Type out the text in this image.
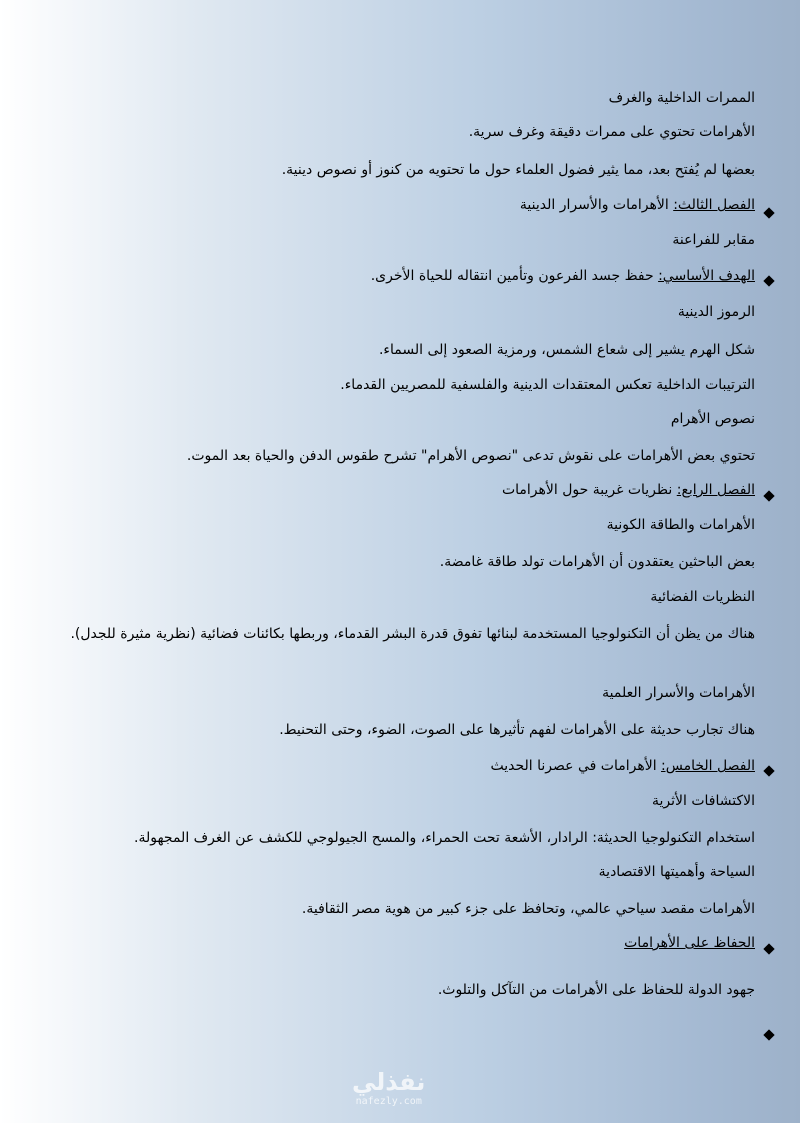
الممرات الداخلية والغرف
الأهرامات تحتوي على ممرات دقيقة وغرف سرية.
بعضها لم يُفتح بعد، مما يثير فضول العلماء حول ما تحتويه من كنوز أو نصوص دينية.
الفصل الثالث: الأهرامات والأسرار الدينية
مقابر للفراعنة
الهدف الأساسي: حفظ جسد الفرعون وتأمين انتقاله للحياة الأخرى.
الرموز الدينية
شكل الهرم يشير إلى شعاع الشمس، ورمزية الصعود إلى السماء.
الترتيبات الداخلية تعكس المعتقدات الدينية والفلسفية للمصريين القدماء.
نصوص الأهرام
تحتوي بعض الأهرامات على نقوش تدعى "نصوص الأهرام" تشرح طقوس الدفن والحياة بعد الموت.
الفصل الرابع: نظريات غريبة حول الأهرامات
الأهرامات والطاقة الكونية
بعض الباحثين يعتقدون أن الأهرامات تولد طاقة غامضة.
النظريات الفضائية
هناك من يظن أن التكنولوجيا المستخدمة لبنائها تفوق قدرة البشر القدماء، وربطها بكائنات فضائية (نظرية مثيرة للجدل).
الأهرامات والأسرار العلمية
هناك تجارب حديثة على الأهرامات لفهم تأثيرها على الصوت، الضوء، وحتى التحنيط.
الفصل الخامس: الأهرامات في عصرنا الحديث
الاكتشافات الأثرية
استخدام التكنولوجيا الحديثة: الرادار، الأشعة تحت الحمراء، والمسح الجيولوجي للكشف عن الغرف المجهولة.
السياحة وأهميتها الاقتصادية
الأهرامات مقصد سياحي عالمي، وتحافظ على جزء كبير من هوية مصر الثقافية.
الحفاظ على الأهرامات
جهود الدولة للحفاظ على الأهرامات من التآكل والتلوث.
نفذلي
nafezly.com
